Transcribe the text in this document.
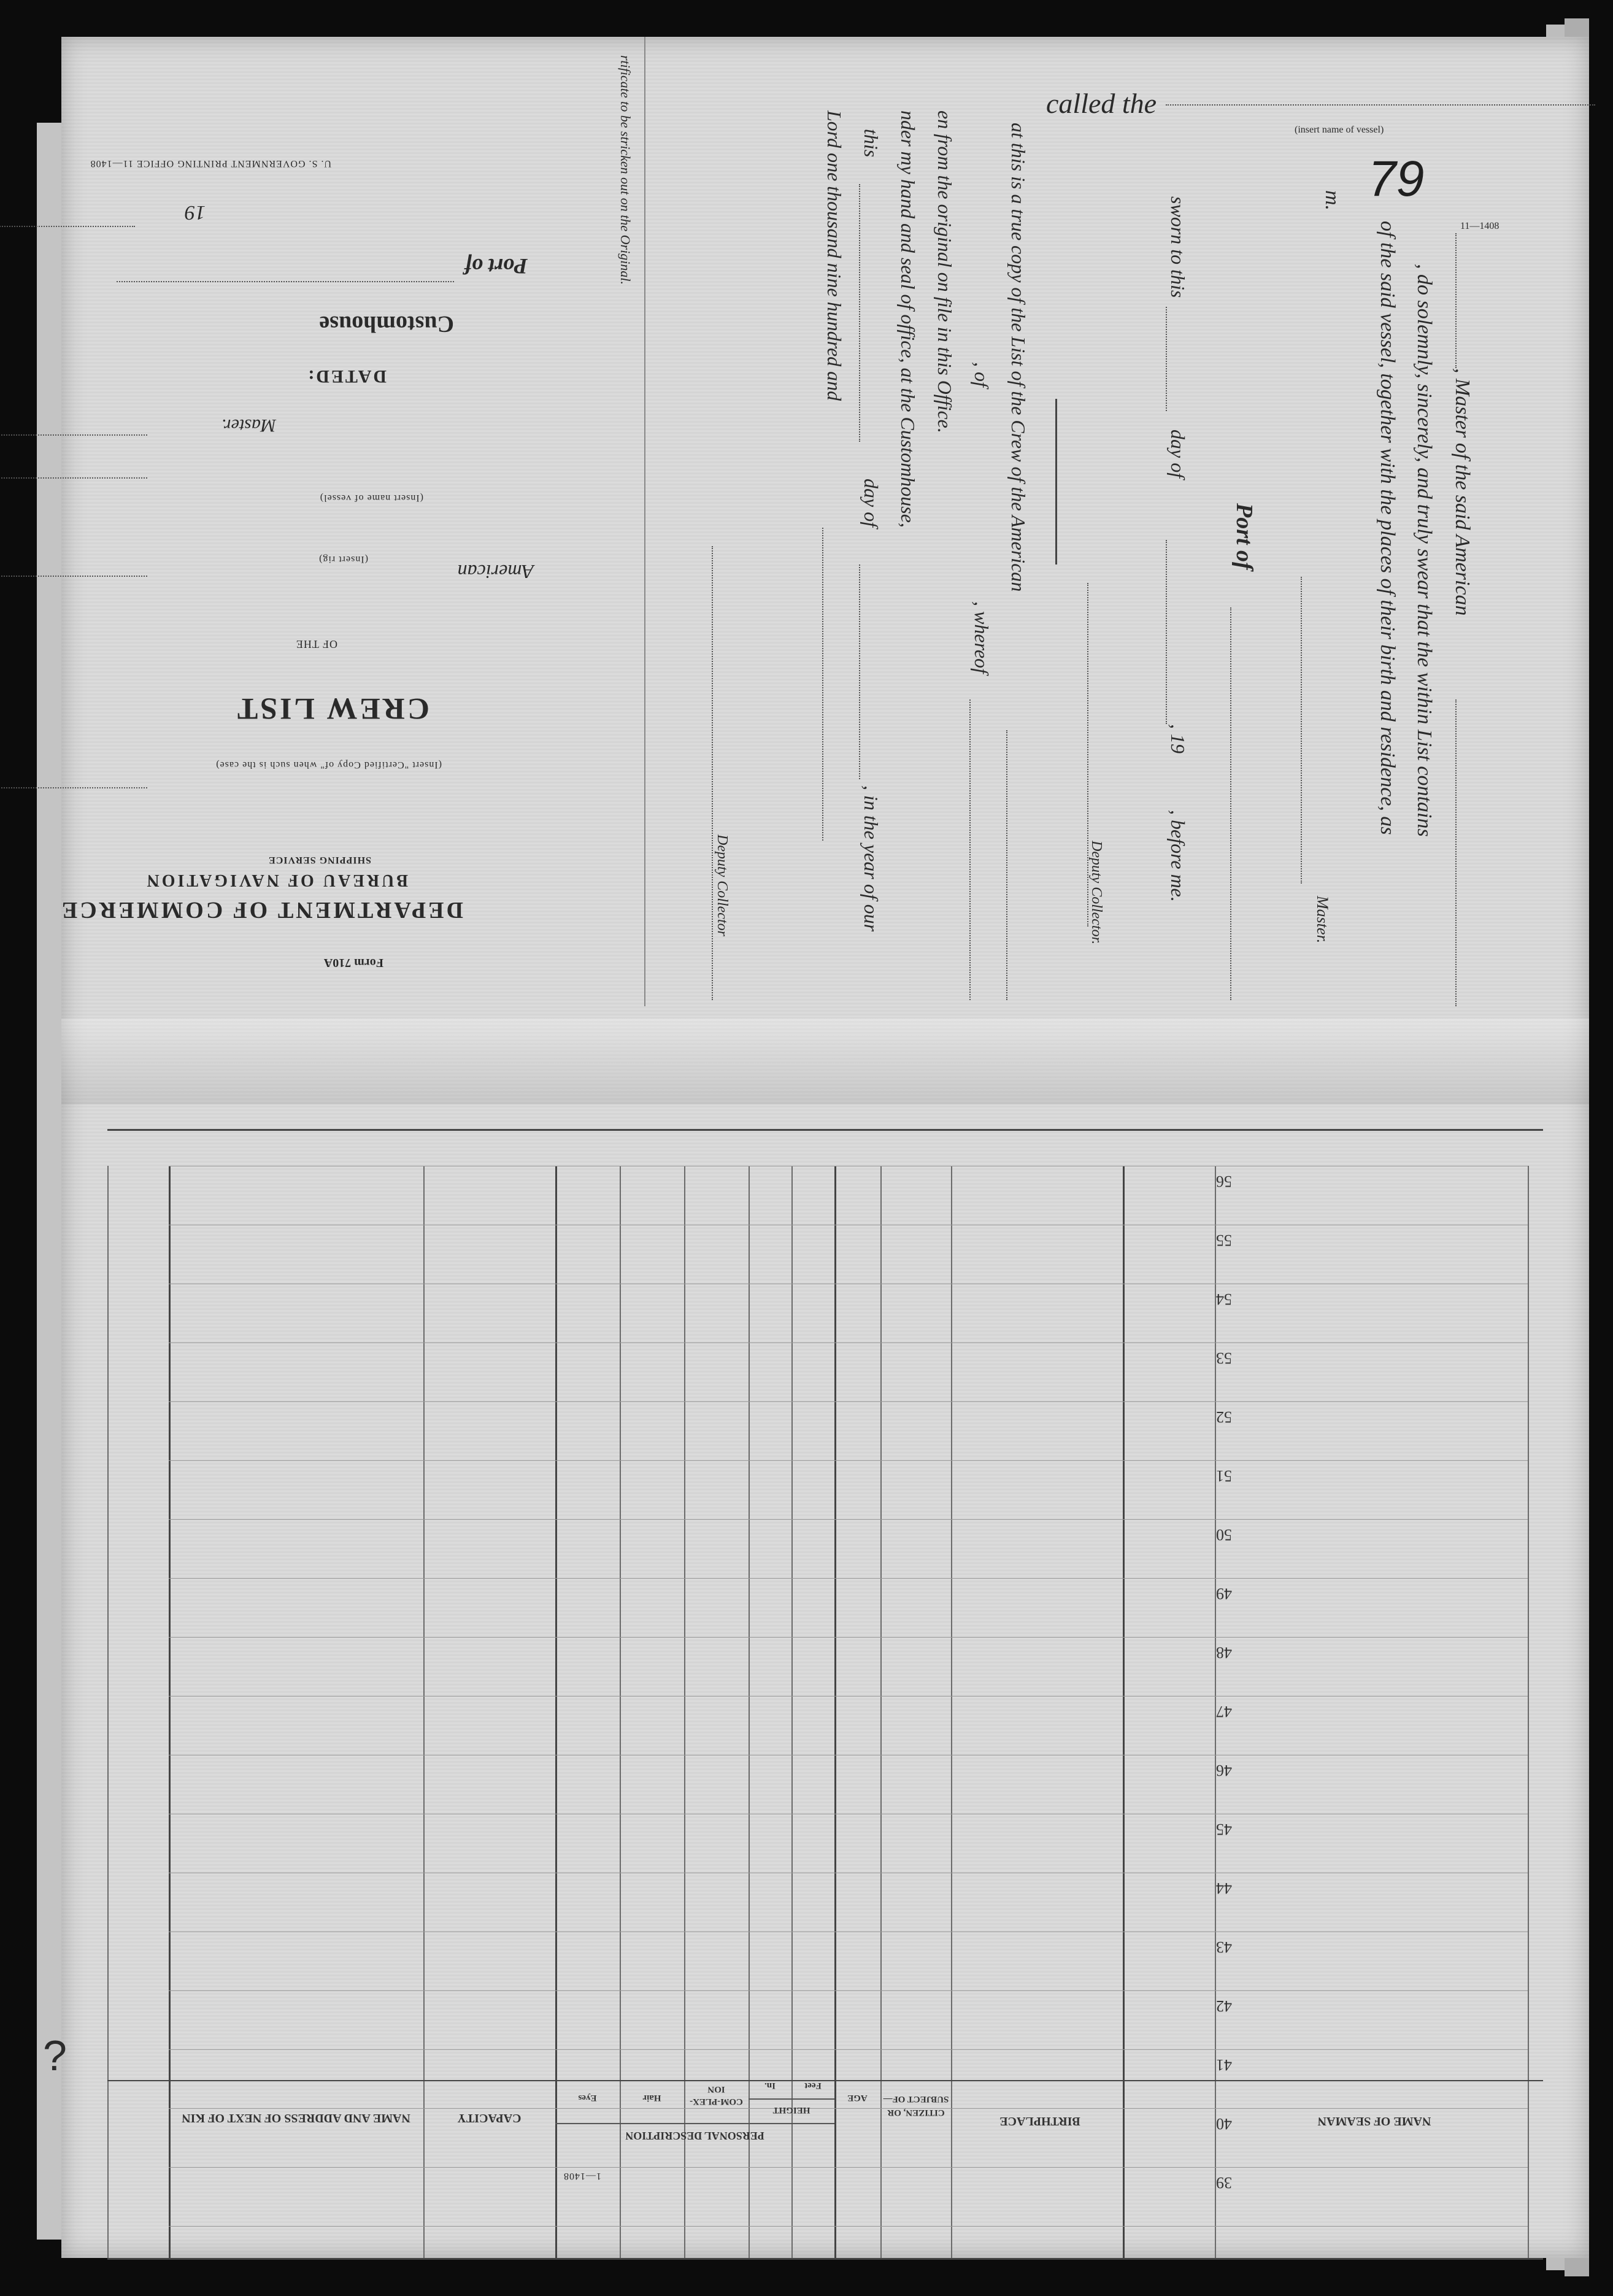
U. S. GOVERNMENT PRINTING OFFICE 11—1408
19
Port of
Customhouse
DATED:
Master.
(Insert name of vessel)
American
(Insert rig)
OF THE
CREW LIST
(Insert "Certified Copy of" when such is the case)
SHIPPING SERVICE
BUREAU OF NAVIGATION
DEPARTMENT OF COMMERCE
Form 710A
rtificate to be stricken out on the Original.	called the
(insert name of vessel)
79
11—1408
m.
, Master of the said American
, do solemnly, sincerely, and truly swear that the within List contains
of the said vessel, together with the places of their birth and residence, as
Master.
Port of
sworn to this
day of
, 19
, before me.
Deputy Collector.
at this is a true copy of the List of the Crew of the American
, of
, whereof
en from the original on file in this Office.
nder my hand and seal of office, at the Customhouse,
this
day of
, in the year of our
Lord one thousand nine hundred and
Deputy Collector
56
55
54
53
52
51
50
49
48
47
46
45
44
43
42
41
40
39
NAME OF SEAMAN
BIRTHPLACE
CITIZEN, OR SUBJECT OF—
AGE
PERSONAL DESCRIPTION
HEIGHT
Feet
In.
COM-PLEX-ION
Hair
Eyes
CAPACITY
NAME AND ADDRESS OF NEXT OF KIN
1—1408
?
